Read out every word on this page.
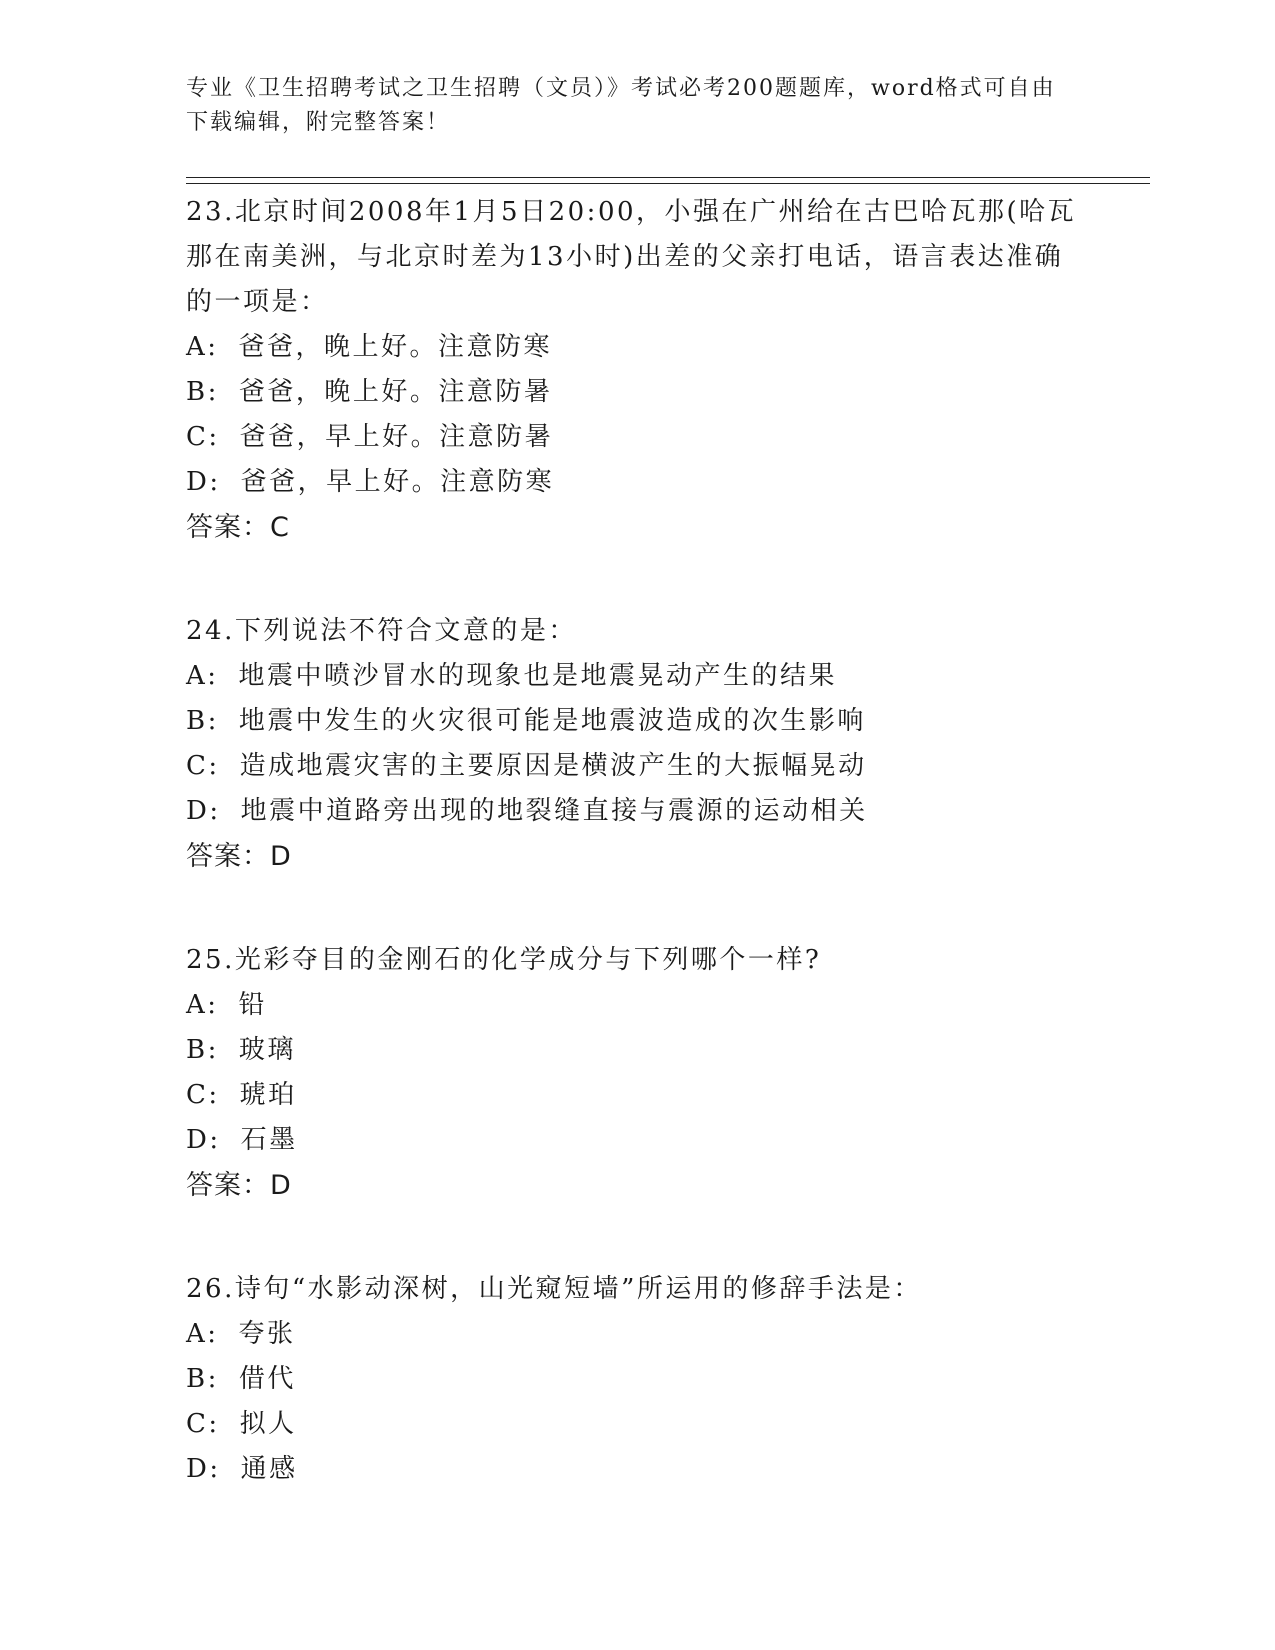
专业《卫生招聘考试之卫生招聘（文员）》考试必考200题题库，word格式可自由下载编辑，附完整答案！

23.北京时间2008年1月5日20:00，小强在广州给在古巴哈瓦那(哈瓦那在南美洲，与北京时差为13小时)出差的父亲打电话，语言表达准确的一项是：

A: 爸爸，晚上好。注意防寒

B: 爸爸，晚上好。注意防暑

C: 爸爸，早上好。注意防暑

D: 爸爸，早上好。注意防寒

答案：C

24.下列说法不符合文意的是：

A: 地震中喷沙冒水的现象也是地震晃动产生的结果

B: 地震中发生的火灾很可能是地震波造成的次生影响

C: 造成地震灾害的主要原因是横波产生的大振幅晃动

D: 地震中道路旁出现的地裂缝直接与震源的运动相关

答案：D

25.光彩夺目的金刚石的化学成分与下列哪个一样?

A: 铅

B: 玻璃

C: 琥珀

D: 石墨

答案：D

26.诗句“水影动深树，山光窥短墙”所运用的修辞手法是：

A: 夸张

B: 借代

C: 拟人

D: 通感
